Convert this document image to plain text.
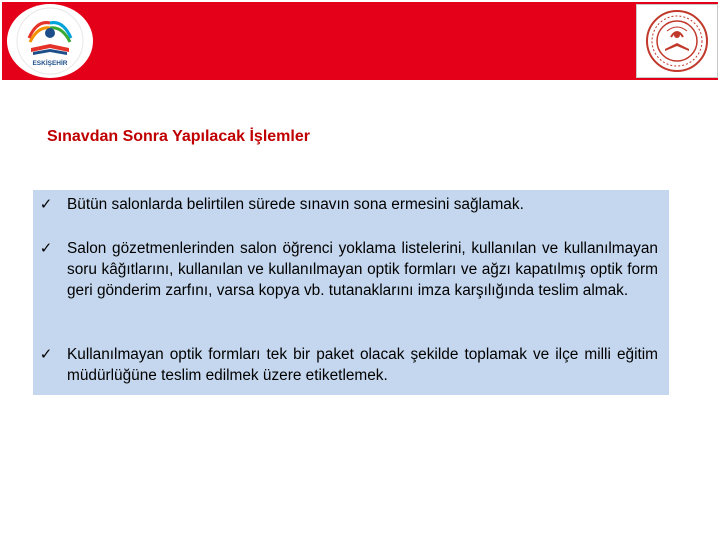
ESKİŞEHİR
Sınavdan Sonra Yapılacak İşlemler
✓ Bütün salonlarda belirtilen sürede sınavın sona ermesini sağlamak.
✓ Salon gözetmenlerinden salon öğrenci yoklama listelerini, kullanılan ve kullanılmayan soru kâğıtlarını, kullanılan ve kullanılmayan optik formları ve ağzı kapatılmış optik form geri gönderim zarfını, varsa kopya vb. tutanaklarını imza karşılığında teslim almak.
✓ Kullanılmayan optik formları tek bir paket olacak şekilde toplamak ve ilçe milli eğitim müdürlüğüne teslim edilmek üzere etiketlemek.
